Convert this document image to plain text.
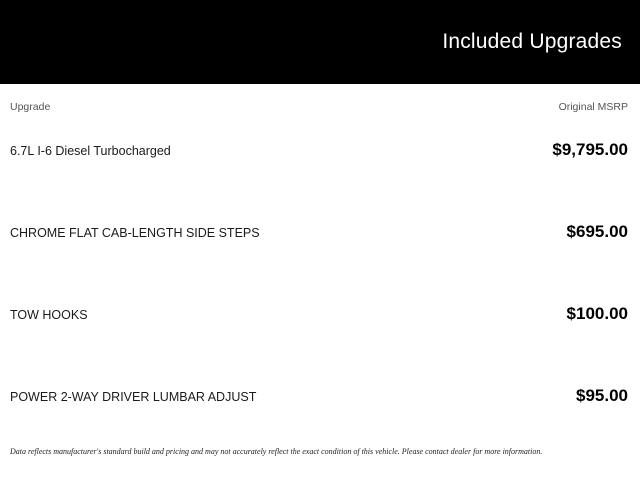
Included Upgrades
Upgrade	Original MSRP
6.7L I-6 Diesel Turbocharged	$9,795.00
CHROME FLAT CAB-LENGTH SIDE STEPS	$695.00
TOW HOOKS	$100.00
POWER 2-WAY DRIVER LUMBAR ADJUST	$95.00
Data reflects manufacturer's standard build and pricing and may not accurately reflect the exact condition of this vehicle. Please contact dealer for more information.
